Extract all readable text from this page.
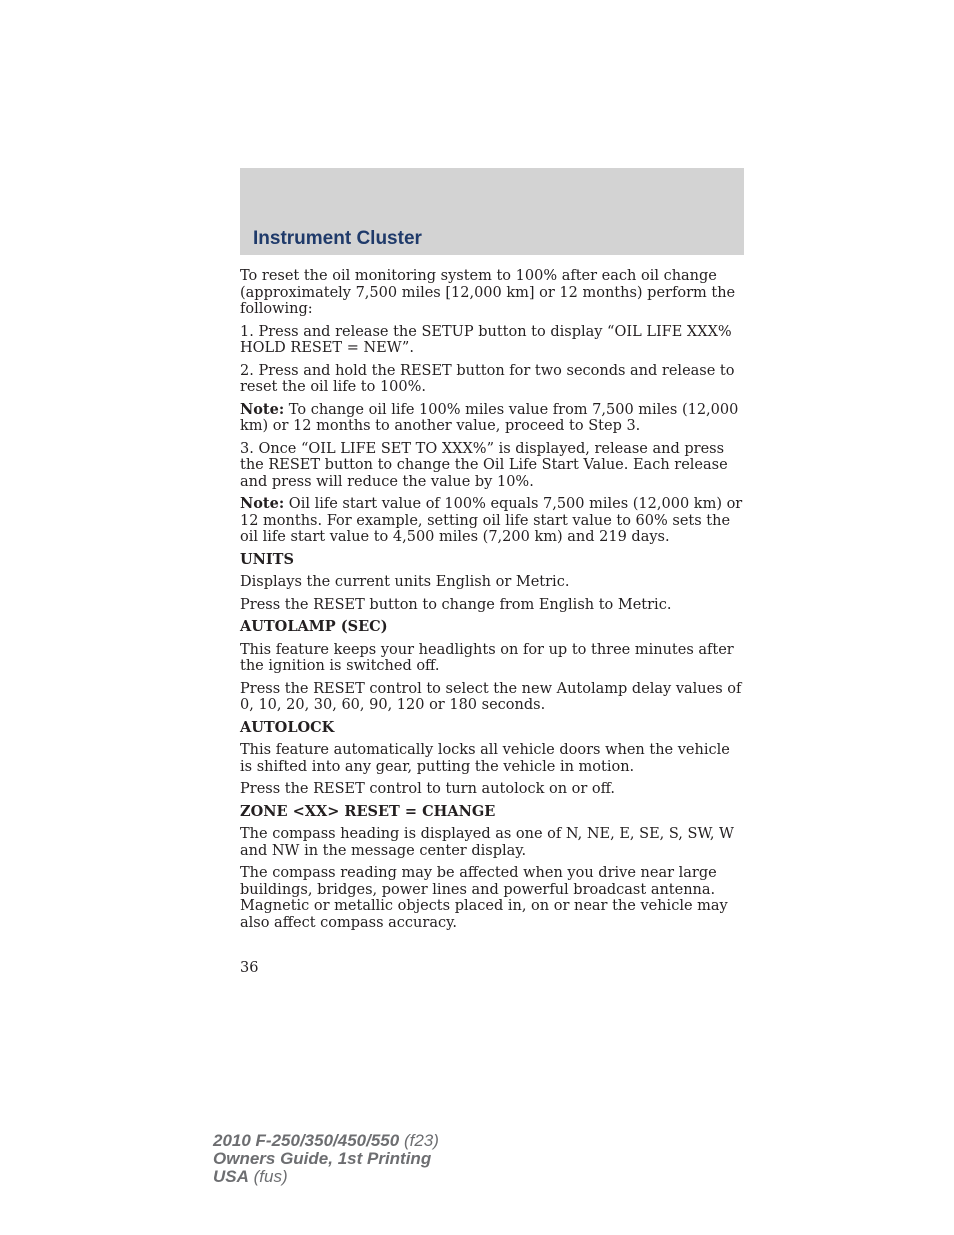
Instrument Cluster

To reset the oil monitoring system to 100% after each oil change (approximately 7,500 miles [12,000 km] or 12 months) perform the following:

1. Press and release the SETUP button to display “OIL LIFE XXX% HOLD RESET = NEW”.

2. Press and hold the RESET button for two seconds and release to reset the oil life to 100%.

Note: To change oil life 100% miles value from 7,500 miles (12,000 km) or 12 months to another value, proceed to Step 3.

3. Once “OIL LIFE SET TO XXX%” is displayed, release and press the RESET button to change the Oil Life Start Value. Each release and press will reduce the value by 10%.

Note: Oil life start value of 100% equals 7,500 miles (12,000 km) or 12 months. For example, setting oil life start value to 60% sets the oil life start value to 4,500 miles (7,200 km) and 219 days.

UNITS

Displays the current units English or Metric.

Press the RESET button to change from English to Metric.

AUTOLAMP (SEC)

This feature keeps your headlights on for up to three minutes after the ignition is switched off.

Press the RESET control to select the new Autolamp delay values of 0, 10, 20, 30, 60, 90, 120 or 180 seconds.

AUTOLOCK

This feature automatically locks all vehicle doors when the vehicle is shifted into any gear, putting the vehicle in motion.

Press the RESET control to turn autolock on or off.

ZONE <XX> RESET = CHANGE

The compass heading is displayed as one of N, NE, E, SE, S, SW, W and NW in the message center display.

The compass reading may be affected when you drive near large buildings, bridges, power lines and powerful broadcast antenna. Magnetic or metallic objects placed in, on or near the vehicle may also affect compass accuracy.

36
2010 F-250/350/450/550 (f23)
Owners Guide, 1st Printing
USA (fus)
